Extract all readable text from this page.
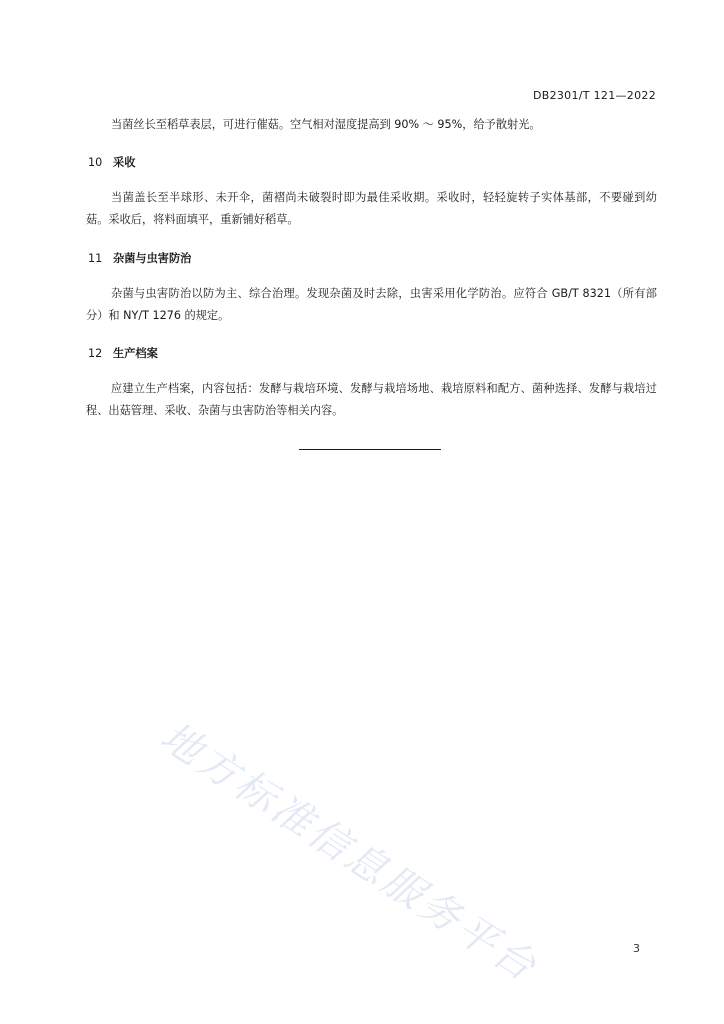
DB2301/T 121—2022

当菌丝长至稻草表层，可进行催菇。空气相对湿度提高到 90% ～ 95%，给予散射光。

10 采收

当菌盖长至半球形、未开伞，菌褶尚未破裂时即为最佳采收期。采收时，轻轻旋转子实体基部，不要碰到幼菇。采收后，将料面填平，重新铺好稻草。

11 杂菌与虫害防治

杂菌与虫害防治以防为主、综合治理。发现杂菌及时去除，虫害采用化学防治。应符合 GB/T 8321（所有部分）和 NY/T 1276 的规定。

12 生产档案

应建立生产档案，内容包括：发酵与栽培环境、发酵与栽培场地、栽培原料和配方、菌种选择、发酵与栽培过程、出菇管理、采收、杂菌与虫害防治等相关内容。

地方标准信息服务平台	3
